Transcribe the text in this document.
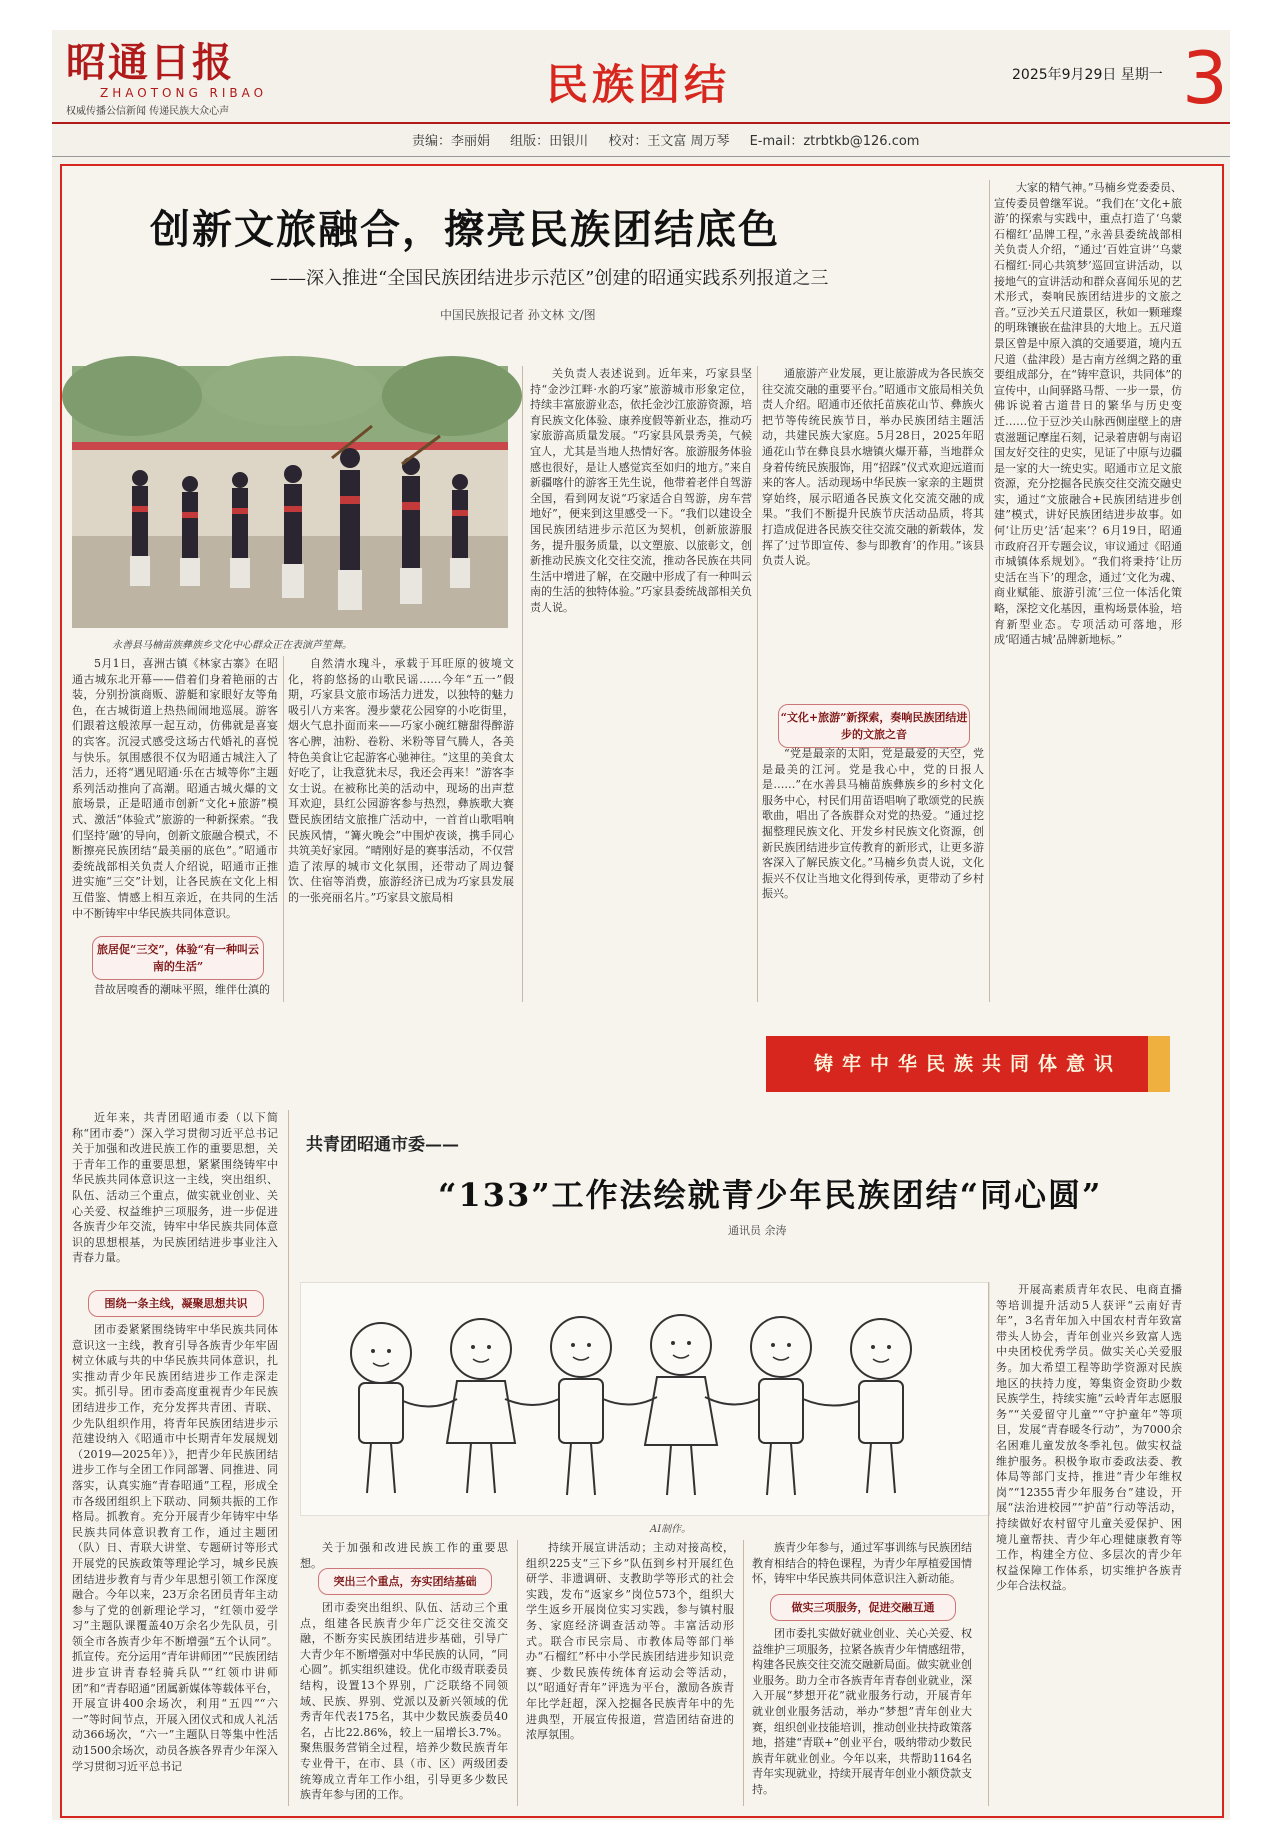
昭通日报
ZHAOTONG RIBAO
权威传播公信新闻 传递民族大众心声
民族团结	2025年9月29日 星期一 3
责编：李丽娟 组版：田银川 校对：王文富 周万琴 E-mail：ztrbtkb@126.com
创新文旅融合，擦亮民族团结底色
——深入推进“全国民族团结进步示范区”创建的昭通实践系列报道之三
中国民族报记者 孙文林 文/图
永善县马楠苗族彝族乡文化中心群众正在表演芦笙舞。

5月1日，喜洲古镇《林家古寨》在昭通古城东北开幕——借着们身着艳丽的古装，分别扮演商贩、游艇和家眼好友等角色，在古城街道上热热闹闹地巡展。游客们跟着这般浓厚一起互动，仿佛就是喜宴的宾客。沉浸式感受这场古代婚礼的喜悦与快乐。氛围感很不仅为昭通古城注入了活力，还将“遇见昭通·乐在古城等你”主题系列活动推向了高潮。昭通古城火爆的文旅场景，正是昭通市创新“文化+旅游”模式、激活“体验式”旅游的一种新探索。“我们坚持‘融’的导向，创新文旅融合模式，不断擦亮民族团结“最美丽的底色”。”昭通市委统战部相关负责人介绍说，昭通市正推进实施“三交”计划，让各民族在文化上相互借鉴、情感上相互亲近，在共同的生活中不断铸牢中华民族共同体意识。

旅居促“三交”，体验“有一种叫云南的生活”

昔故居嗅香的潮味平照，维伴仕滇的

自然清水瑰斗，承载于耳旺原的彼境文化，将韵悠扬的山歌民谣……今年“五一”假期，巧家县文旅市场活力迸发，以独特的魅力吸引八方来客。漫步蒙花公园穿的小吃街里，烟火气息扑面而来——巧家小碗红糖甜得醉游客心脾，油粉、卷粉、米粉等冒气腾人，各美特色美食让它起游客心驰神往。“这里的美食太好吃了，让我意犹未尽，我还会再来！”游客李女士说。在被称比美的活动中，现场的出声惹耳欢迎，县红公园游客参与热烈，彝族歌大赛暨民族团结文旅推广活动中，一首首山歌唱响民族风情，“篝火晚会”中围炉夜谈，携手同心共筑美好家园。“晴刚好是的赛事活动，不仅营造了浓厚的城市文化氛围，还带动了周边餐饮、住宿等消费，旅游经济已成为巧家县发展的一张亮丽名片。”巧家县文旅局相

关负责人表述说到。近年来，巧家县坚持“金沙江畔·水韵巧家”旅游城市形象定位，持续丰富旅游业态，依托金沙江旅游资源，培育民族文化体验、康养度假等新业态，推动巧家旅游高质量发展。“巧家县风景秀美，气候宜人，尤其是当地人热情好客。旅游服务体验感也很好，是让人感觉宾至如归的地方。”来自新疆喀什的游客王先生说，他带着老伴自驾游全国，看到网友说“巧家适合自驾游，房车营地好”，便来到这里感受一下。“我们以建设全国民族团结进步示范区为契机，创新旅游服务，提升服务质量，以文塑旅、以旅彰文，创新推动民族文化交往交流，推动各民族在共同生活中增进了解，在交融中形成了有一种叫云南的生活的独特体验。”巧家县委统战部相关负责人说。

通旅游产业发展，更让旅游成为各民族交往交流交融的重要平台。”昭通市文旅局相关负责人介绍。昭通市还依托苗族花山节、彝族火把节等传统民族节日，举办民族团结主题活动，共建民族大家庭。5月28日，2025年昭通花山节在彝良县水塘镇火爆开幕，当地群众身着传统民族服饰，用“招踩”仪式欢迎远道而来的客人。活动现场中华民族一家亲的主题贯穿始终，展示昭通各民族文化交流交融的成果。“我们不断提升民族节庆活动品质，将其打造成促进各民族交往交流交融的新载体，发挥了‘过节即宣传、参与即教育’的作用。”该县负责人说。

“文化+旅游”新探索，奏响民族团结进步的文旅之音

“党是最亲的太阳，党是最爱的天空，党是最美的江河。党是我心中，党的日报人是……”在水善县马楠苗族彝族乡的乡村文化服务中心，村民们用苗语唱响了歌颂党的民族歌曲，唱出了各族群众对党的热爱。“通过挖掘整理民族文化、开发乡村民族文化资源，创新民族团结进步宣传教育的新形式，让更多游客深入了解民族文化。”马楠乡负责人说，文化振兴不仅让当地文化得到传承，更带动了乡村振兴。

大家的精气神。”马楠乡党委委员、宣传委员曾继军说。“我们在‘文化+旅游’的探索与实践中，重点打造了‘乌蒙石榴红’品牌工程，”永善县委统战部相关负责人介绍，“通过‘百姓宣讲’‘乌蒙石榴红·同心共筑梦’巡回宣讲活动，以接地气的宣讲活动和群众喜闻乐见的艺术形式，奏响民族团结进步的文旅之音。”豆沙关五尺道景区，秋如一颗璀璨的明珠镶嵌在盐津县的大地上。五尺道景区曾是中原入滇的交通要道，境内五尺道（盐津段）是古南方丝绸之路的重要组成部分，在“铸牢意识，共同体”的宣传中，山间驿路马帮、一步一景，仿佛诉说着古道昔日的繁华与历史变迁……位于豆沙关山脉西侧崖壁上的唐袁滋题记摩崖石刻，记录着唐朝与南诏国友好交往的史实，见证了中原与边疆是一家的大一统史实。昭通市立足文旅资源，充分挖掘各民族交往交流交融史实，通过“文旅融合+民族团结进步创建”模式，讲好民族团结进步故事。如何‘让历史’活‘起来’？6月19日，昭通市政府召开专题会议，审议通过《昭通市城镇体系规划》。“我们将秉持‘让历史活在当下’的理念，通过‘文化为魂、商业赋能、旅游引流’三位一体活化策略，深挖文化基因，重构场景体验，培育新型业态。专项活动可落地，形成‘昭通古城’品牌新地标。”

铸牢中华民族共同体意识

近年来，共青团昭通市委（以下简称“团市委”）深入学习贯彻习近平总书记关于加强和改进民族工作的重要思想，关于青年工作的重要思想，紧紧围绕铸牢中华民族共同体意识这一主线，突出组织、队伍、活动三个重点，做实就业创业、关心关爱、权益维护三项服务，进一步促进各族青少年交流，铸牢中华民族共同体意识的思想根基，为民族团结进步事业注入青春力量。

围绕一条主线，凝聚思想共识

团市委紧紧围绕铸牢中华民族共同体意识这一主线，教育引导各族青少年牢固树立休戚与共的中华民族共同体意识，扎实推动青少年民族团结进步工作走深走实。抓引导。团市委高度重视青少年民族团结进步工作，充分发挥共青团、青联、少先队组织作用，将青年民族团结进步示范建设纳入《昭通市中长期青年发展规划（2019—2025年）》，把青少年民族团结进步工作与全团工作同部署、同推进、同落实，认真实施“青春昭通”工程，形成全市各级团组织上下联动、同频共振的工作格局。抓教育。充分开展青少年铸牢中华民族共同体意识教育工作，通过主题团（队）日、青联大讲堂、专题研讨等形式开展党的民族政策等理论学习，城乡民族团结进步教育与青少年思想引领工作深度融合。今年以来，23万余名团员青年主动参与了党的创新理论学习，“红领巾爱学习”主题队课覆盖40万余名少先队员，引领全市各族青少年不断增强“五个认同”。抓宣传。充分运用“青年讲师团”“民族团结进步宣讲青春轻骑兵队”“红领巾讲师团”和“青春昭通”团属新媒体等载体平台，开展宣讲400余场次，利用“五四”“六一”等时间节点，开展入团仪式和成人礼活动366场次，“六一”主题队日等集中性活动1500余场次，动员各族各界青少年深入学习贯彻习近平总书记

共青团昭通市委——
“133”工作法绘就青少年民族团结“同心圆”
通讯员 余涛
AI制作。

关于加强和改进民族工作的重要思想。

突出三个重点，夯实团结基础

团市委突出组织、队伍、活动三个重点，组建各民族青少年广泛交往交流交融，不断夯实民族团结进步基础，引导广大青少年不断增强对中华民族的认同，“同心圆”。抓实组织建设。优化市级青联委员结构，设置13个界别，广泛联络不同领域、民族、界别、党派以及新兴领域的优秀青年代表175名，其中少数民族委员40名，占比22.86%，较上一届增长3.7%。聚焦服务营销全过程，培养少数民族青年专业骨干，在市、县（市、区）两级团委统筹成立青年工作小组，引导更多少数民族青年参与团的工作。

持续开展宣讲活动；主动对接高校，组织225支“三下乡”队伍到乡村开展红色研学、非遗调研、支教助学等形式的社会实践，发布“返家乡”岗位573个，组织大学生返乡开展岗位实习实践，参与镇村服务、家庭经济调查活动等。丰富活动形式。联合市民宗局、市教体局等部门举办“石榴红”杯中小学民族团结进步知识竞赛、少数民族传统体育运动会等活动，以“昭通好青年”评选为平台，激励各族青年比学赶超，深入挖掘各民族青年中的先进典型，开展宣传报道，营造团结奋进的浓厚氛围。

族青少年参与，通过军事训练与民族团结教育相结合的特色课程，为青少年厚植爱国情怀，铸牢中华民族共同体意识注入新动能。

做实三项服务，促进交融互通

团市委扎实做好就业创业、关心关爱、权益维护三项服务，拉紧各族青少年情感纽带，构建各民族交往交流交融新局面。做实就业创业服务。助力全市各族青年青春创业就业，深入开展“梦想开花”就业服务行动，开展青年就业创业服务活动，举办“梦想”青年创业大赛，组织创业技能培训，推动创业扶持政策落地，搭建“青联+”创业平台，吸纳带动少数民族青年就业创业。今年以来，共帮助1164名青年实现就业，持续开展青年创业小额贷款支持。

开展高素质青年农民、电商直播等培训提升活动5人获评“云南好青年”，3名青年加入中国农村青年致富带头人协会，青年创业兴乡致富人选中央团校优秀学员。做实关心关爱服务。加大希望工程等助学资源对民族地区的扶持力度，筹集资金资助少数民族学生，持续实施“云岭青年志愿服务”“关爱留守儿童”“守护童年”等项目，发展“青春暖冬行动”，为7000余名困难儿童发放冬季礼包。做实权益维护服务。积极争取市委政法委、教体局等部门支持，推进“青少年维权岗”“12355青少年服务台”建设，开展“法治进校园”“护苗”行动等活动，持续做好农村留守儿童关爱保护、困境儿童帮扶、青少年心理健康教育等工作，构建全方位、多层次的青少年权益保障工作体系，切实维护各族青少年合法权益。
